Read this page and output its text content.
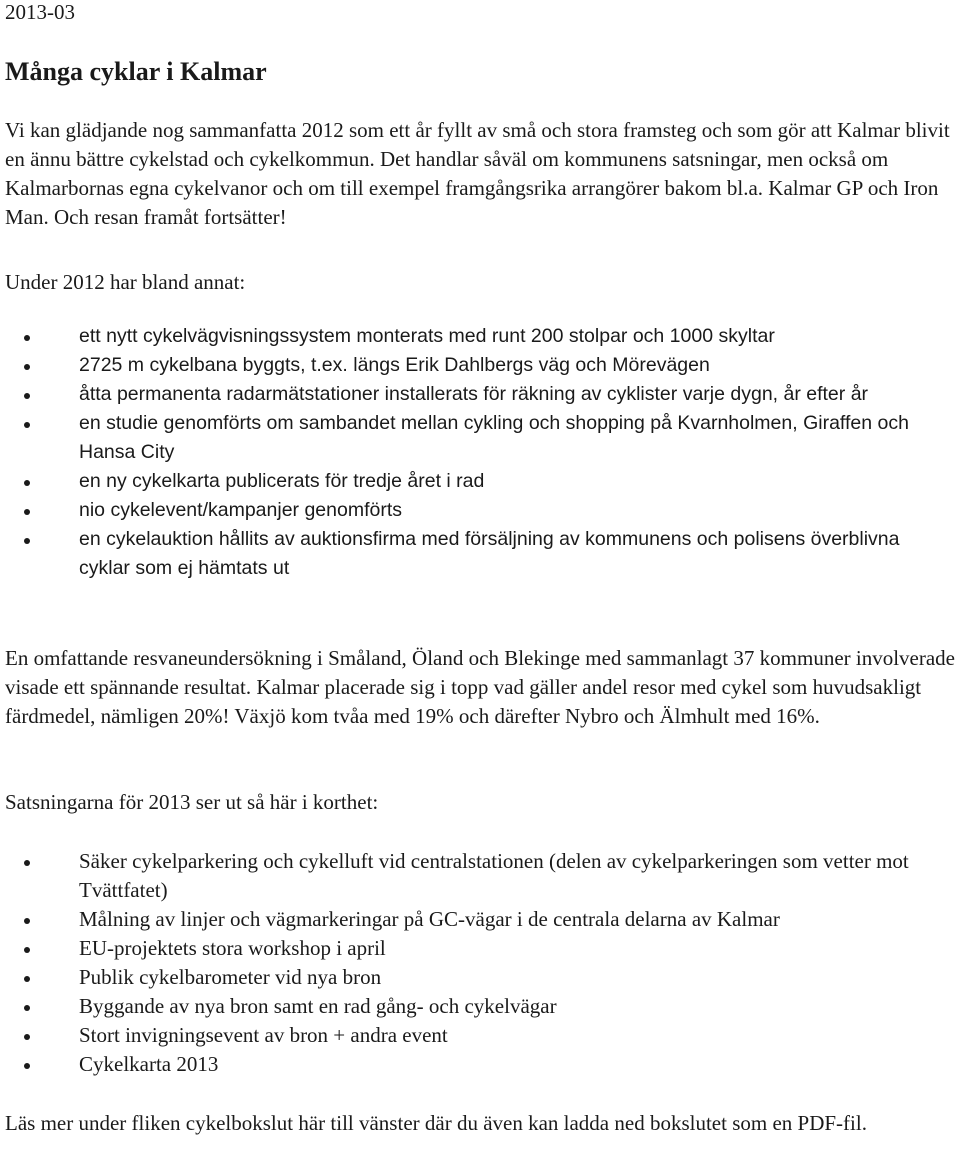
2013-03
Många cyklar i Kalmar

Vi kan glädjande nog sammanfatta 2012 som ett år fyllt av små och stora framsteg och som gör att Kalmar blivit en ännu bättre cykelstad och cykelkommun. Det handlar såväl om kommunens satsningar, men också om Kalmarbornas egna cykelvanor och om till exempel framgångsrika arrangörer bakom bl.a. Kalmar GP och Iron Man. Och resan framåt fortsätter!

Under 2012 har bland annat:

ett nytt cykelvägvisningssystem monterats med runt 200 stolpar och 1000 skyltar
2725 m cykelbana byggts, t.ex. längs Erik Dahlbergs väg och Mörevägen
åtta permanenta radarmätstationer installerats för räkning av cyklister varje dygn, år efter år
en studie genomförts om sambandet mellan cykling och shopping på Kvarnholmen, Giraffen och Hansa City
en ny cykelkarta publicerats för tredje året i rad
nio cykelevent/kampanjer genomförts
en cykelauktion hållits av auktionsfirma med försäljning av kommunens och polisens överblivna cyklar som ej hämtats ut

En omfattande resvaneundersökning i Småland, Öland och Blekinge med sammanlagt 37 kommuner involverade visade ett spännande resultat. Kalmar placerade sig i topp vad gäller andel resor med cykel som huvudsakligt färdmedel, nämligen 20%! Växjö kom tvåa med 19% och därefter Nybro och Älmhult med 16%.

Satsningarna för 2013 ser ut så här i korthet:

Säker cykelparkering och cykelluft vid centralstationen (delen av cykelparkeringen som vetter mot Tvättfatet)
Målning av linjer och vägmarkeringar på GC-vägar i de centrala delarna av Kalmar
EU-projektets stora workshop i april
Publik cykelbarometer vid nya bron
Byggande av nya bron samt en rad gång- och cykelvägar
Stort invigningsevent av bron + andra event
Cykelkarta 2013

Läs mer under fliken cykelbokslut här till vänster där du även kan ladda ned bokslutet som en PDF-fil.
